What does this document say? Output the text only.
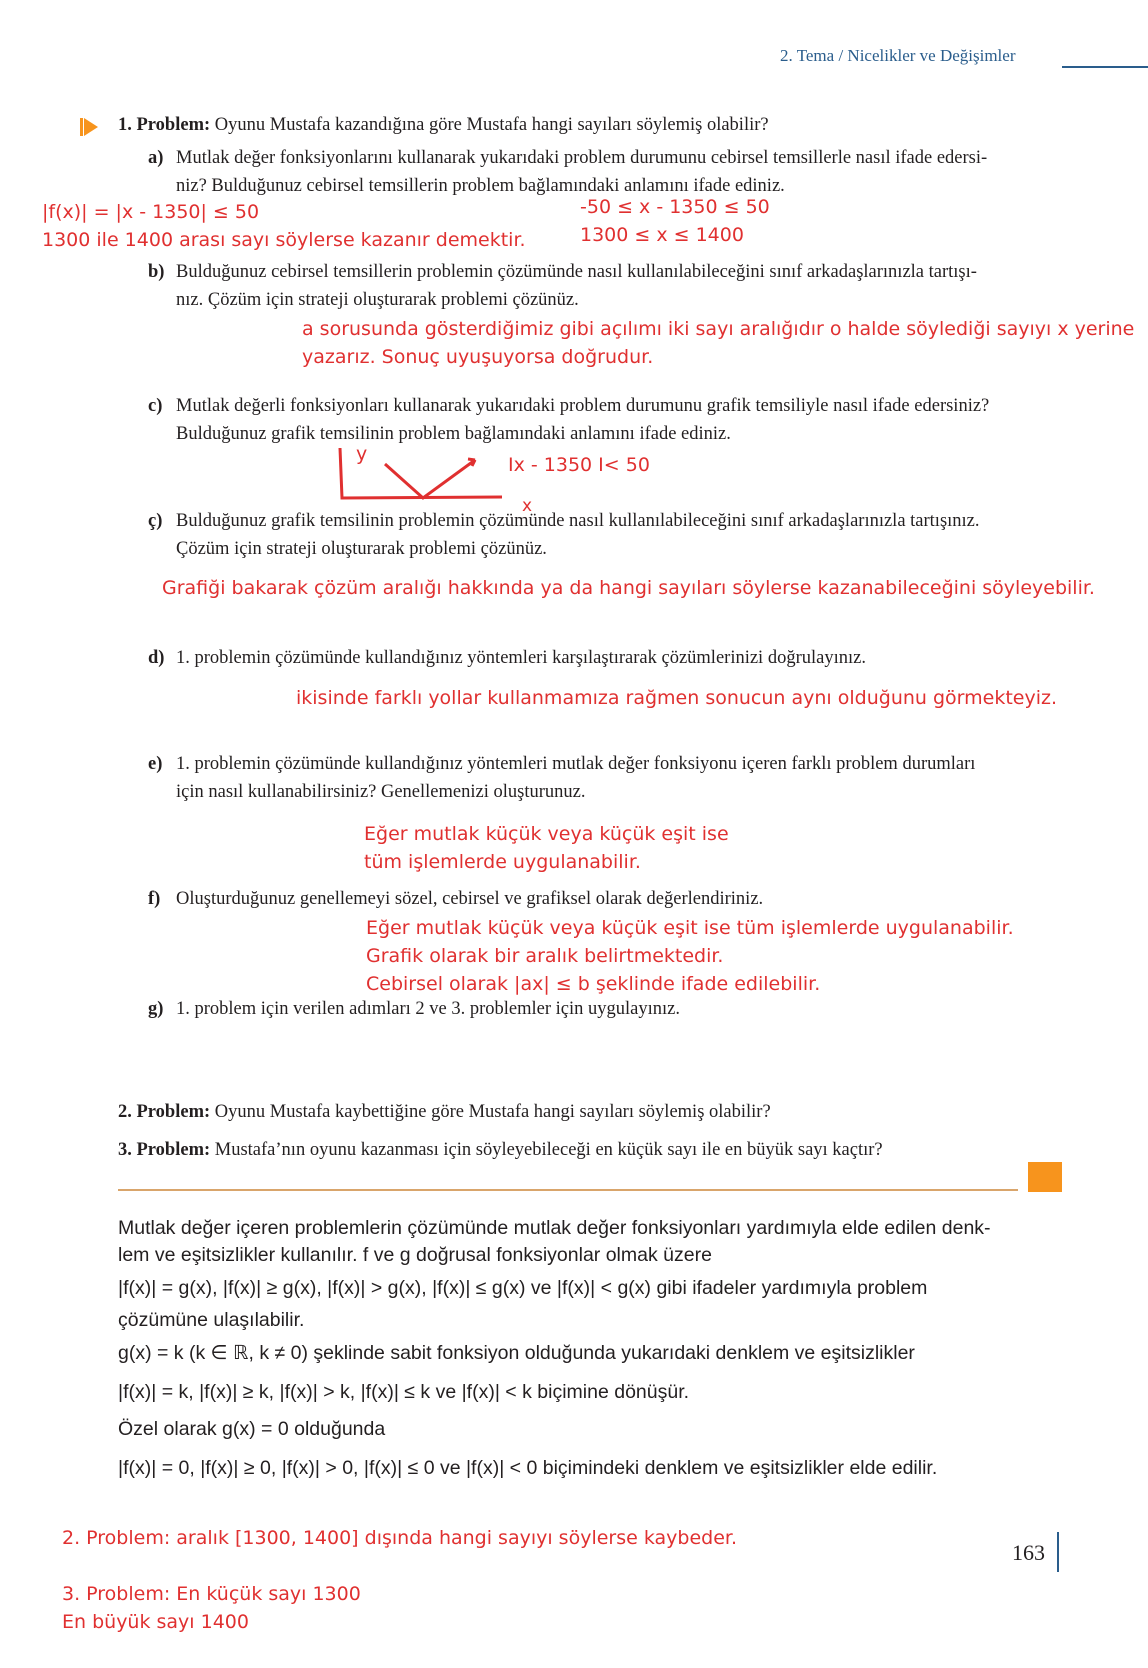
2. Tema / Nicelikler ve Değişimler
1. Problem: Oyunu Mustafa kazandığına göre Mustafa hangi sayıları söylemiş olabilir?
a) Mutlak değer fonksiyonlarını kullanarak yukarıdaki problem durumunu cebirsel temsillerle nasıl ifade edersi-
niz? Bulduğunuz cebirsel temsillerin problem bağlamındaki anlamını ifade ediniz.
|f(x)| = |x - 1350| ≤ 50
1300 ile 1400 arası sayı söylerse kazanır demektir.
-50 ≤ x - 1350 ≤ 50
1300 ≤ x ≤ 1400
b) Bulduğunuz cebirsel temsillerin problemin çözümünde nasıl kullanılabileceğini sınıf arkadaşlarınızla tartışı-
nız. Çözüm için strateji oluşturarak problemi çözünüz.
a sorusunda gösterdiğimiz gibi açılımı iki sayı aralığıdır o halde söylediği sayıyı x yerine
yazarız. Sonuç uyuşuyorsa doğrudur.
c) Mutlak değerli fonksiyonları kullanarak yukarıdaki problem durumunu grafik temsiliyle nasıl ifade edersiniz?
Bulduğunuz grafik temsilinin problem bağlamındaki anlamını ifade ediniz.
y
x
Ix - 1350 I< 50
ç) Bulduğunuz grafik temsilinin problemin çözümünde nasıl kullanılabileceğini sınıf arkadaşlarınızla tartışınız.
Çözüm için strateji oluşturarak problemi çözünüz.
Grafiği bakarak çözüm aralığı hakkında ya da hangi sayıları söylerse kazanabileceğini söyleyebilir.
d) 1. problemin çözümünde kullandığınız yöntemleri karşılaştırarak çözümlerinizi doğrulayınız.
ikisinde farklı yollar kullanmamıza rağmen sonucun aynı olduğunu görmekteyiz.
e) 1. problemin çözümünde kullandığınız yöntemleri mutlak değer fonksiyonu içeren farklı problem durumları
için nasıl kullanabilirsiniz? Genellemenizi oluşturunuz.
Eğer mutlak küçük veya küçük eşit ise
tüm işlemlerde uygulanabilir.
f) Oluşturduğunuz genellemeyi sözel, cebirsel ve grafiksel olarak değerlendiriniz.
Eğer mutlak küçük veya küçük eşit ise tüm işlemlerde uygulanabilir.
Grafik olarak bir aralık belirtmektedir.
Cebirsel olarak |ax| ≤ b şeklinde ifade edilebilir.
g) 1. problem için verilen adımları 2 ve 3. problemler için uygulayınız.
2. Problem: Oyunu Mustafa kaybettiğine göre Mustafa hangi sayıları söylemiş olabilir?
3. Problem: Mustafa’nın oyunu kazanması için söyleyebileceği en küçük sayı ile en büyük sayı kaçtır?
Mutlak değer içeren problemlerin çözümünde mutlak değer fonksiyonları yardımıyla elde edilen denk-
lem ve eşitsizlikler kullanılır. f ve g doğrusal fonksiyonlar olmak üzere
|f(x)| = g(x), |f(x)| ≥ g(x), |f(x)| > g(x), |f(x)| ≤ g(x) ve |f(x)| < g(x) gibi ifadeler yardımıyla problem
çözümüne ulaşılabilir.
g(x) = k (k ∈ ℝ, k ≠ 0) şeklinde sabit fonksiyon olduğunda yukarıdaki denklem ve eşitsizlikler
|f(x)| = k, |f(x)| ≥ k, |f(x)| > k, |f(x)| ≤ k ve |f(x)| < k biçimine dönüşür.
Özel olarak g(x) = 0 olduğunda
|f(x)| = 0, |f(x)| ≥ 0, |f(x)| > 0, |f(x)| ≤ 0 ve |f(x)| < 0 biçimindeki denklem ve eşitsizlikler elde edilir.
2. Problem: aralık [1300, 1400] dışında hangi sayıyı söylerse kaybeder.
3. Problem: En küçük sayı 1300
En büyük sayı 1400
163
